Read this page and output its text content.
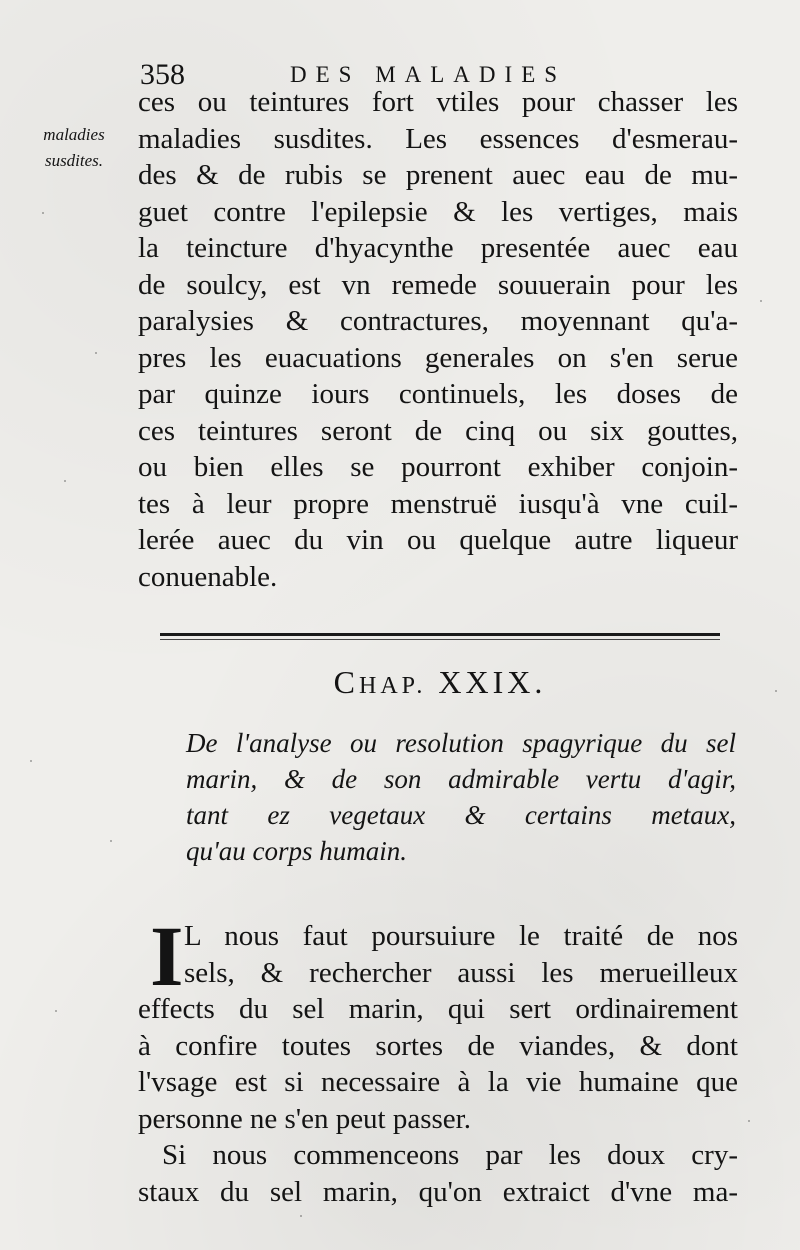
358	DES MALADIES
maladies
susdites.
ces ou teintures fort vtiles pour chasser les
maladies susdites. Les essences d'esmerau-
des & de rubis se prenent auec eau de mu-
guet contre l'epilepsie & les vertiges, mais
la teincture d'hyacynthe presentée auec eau
de soulcy, est vn remede souuerain pour les
paralysies & contractures, moyennant qu'a-
pres les euacuations generales on s'en serue
par quinze iours continuels, les doses de
ces teintures seront de cinq ou six gouttes,
ou bien elles se pourront exhiber conjoin-
tes à leur propre menstruë iusqu'à vne cuil-
lerée auec du vin ou quelque autre liqueur
conuenable.
CHAP. XXIX.
De l'analyse ou resolution spagyrique du sel
marin, & de son admirable vertu d'agir,
tant ez vegetaux & certains metaux,
qu'au corps humain.
I L nous faut poursuiure le traité de nos
sels, & rechercher aussi les merueilleux
effects du sel marin, qui sert ordinairement
à confire toutes sortes de viandes, & dont
l'vsage est si necessaire à la vie humaine que
personne ne s'en peut passer.
Si nous commenceons par les doux cry-
staux du sel marin, qu'on extraict d'vne ma-
